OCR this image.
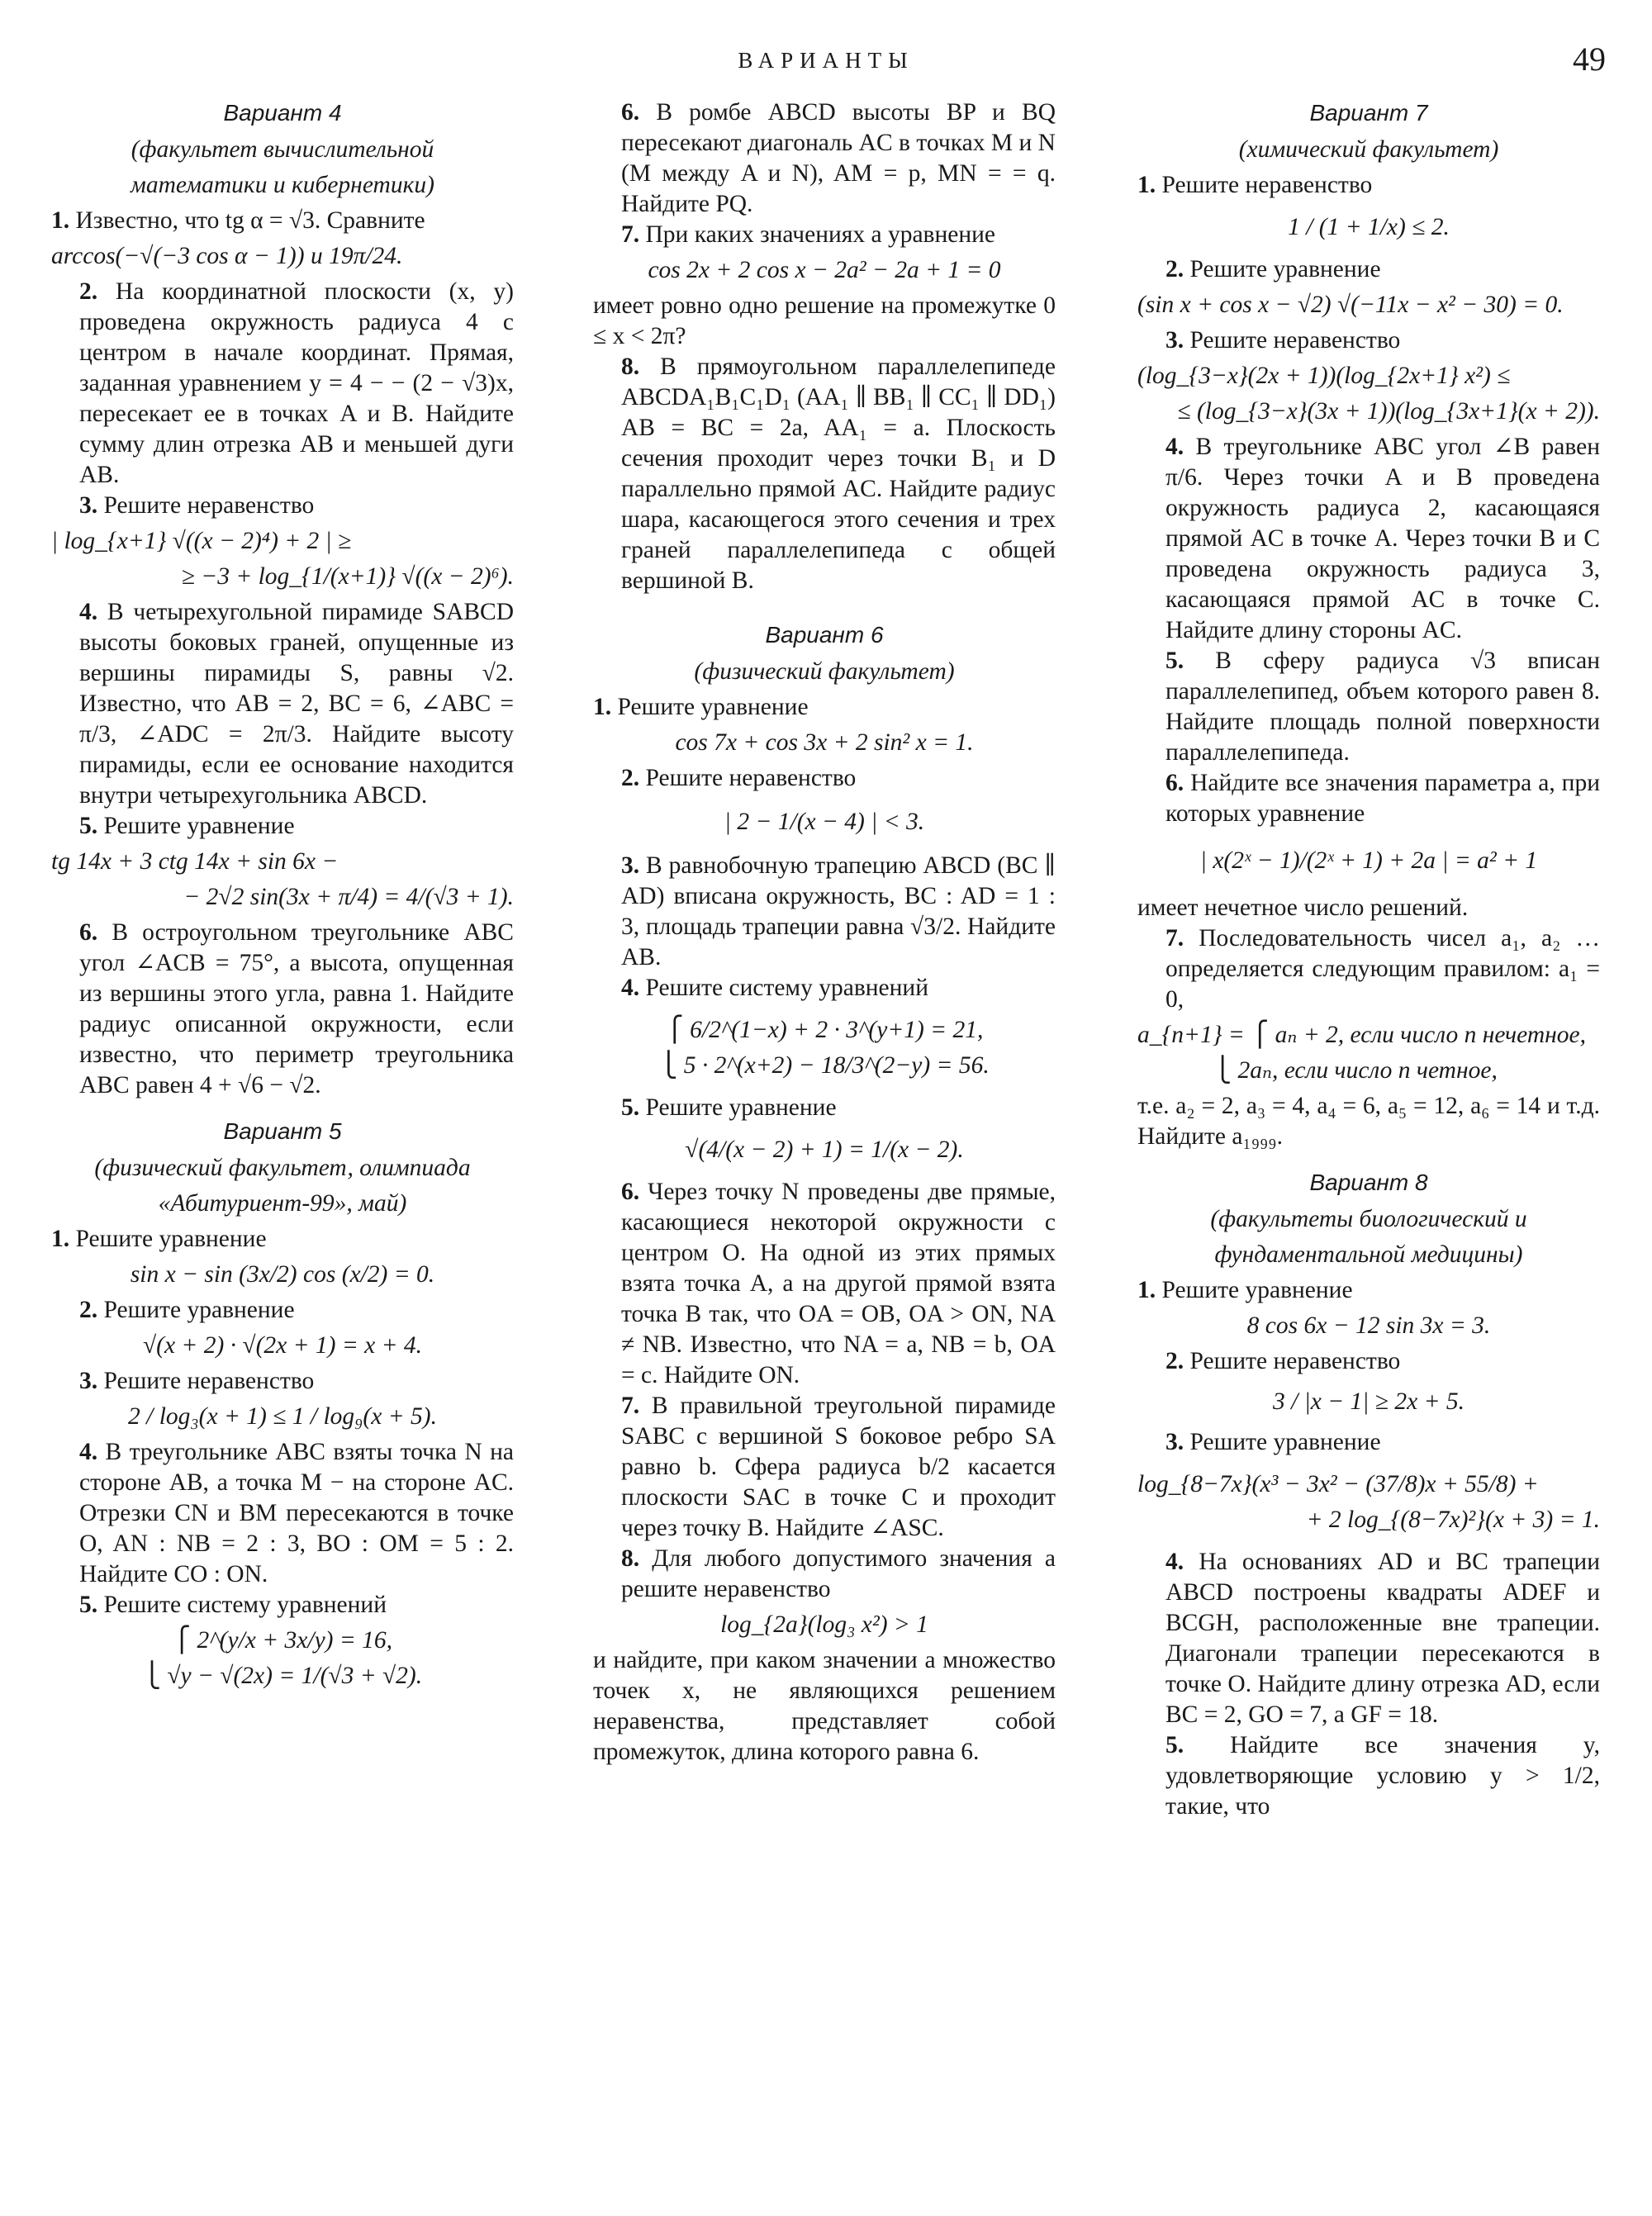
ВАРИАНТЫ	49
Вариант 4
(факультет вычислительной
математики и кибернетики)

1. Известно, что tg α = √3. Сравните

arccos(−√(−3 cos α − 1)) и 19π/24.

2. На координатной плоскости (x, y) проведена окружность радиуса 4 с центром в начале координат. Прямая, заданная уравнением y = 4 − − (2 − √3)x, пересекает ее в точках A и B. Найдите сумму длин отрезка AB и меньшей дуги AB.

3. Решите неравенство

| log_{x+1} √((x − 2)⁴) + 2 | ≥
≥ −3 + log_{1/(x+1)} √((x − 2)⁶).

4. В четырехугольной пирамиде SABCD высоты боковых граней, опущенные из вершины пирамиды S, равны √2. Известно, что AB = 2, BC = 6, ∠ABC = π/3, ∠ADC = 2π/3. Найдите высоту пирамиды, если ее основание находится внутри четырехугольника ABCD.

5. Решите уравнение

tg 14x + 3 ctg 14x + sin 6x −
− 2√2 sin(3x + π/4) = 4/(√3 + 1).

6. В остроугольном треугольнике ABC угол ∠ACB = 75°, а высота, опущенная из вершины этого угла, равна 1. Найдите радиус описанной окружности, если известно, что периметр треугольника ABC равен 4 + √6 − √2.

Вариант 5
(физический факультет, олимпиада
«Абитуриент-99», май)

1. Решите уравнение

sin x − sin (3x/2) cos (x/2) = 0.

2. Решите уравнение

√(x + 2) · √(2x + 1) = x + 4.

3. Решите неравенство

2 / log₃(x + 1) ≤ 1 / log₉(x + 5).

4. В треугольнике ABC взяты точка N на стороне AB, а точка M − на стороне AC. Отрезки CN и BM пересекаются в точке O, AN : NB = 2 : 3, BO : OM = 5 : 2. Найдите CO : ON.

5. Решите систему уравнений

⎧ 2^(y/x + 3x/y) = 16,
⎩ √y − √(2x) = 1/(√3 + √2).

6. В ромбе ABCD высоты BP и BQ пересекают диагональ AC в точках M и N (M между A и N), AM = p, MN = = q. Найдите PQ.

7. При каких значениях a уравнение

cos 2x + 2 cos x − 2a² − 2a + 1 = 0

имеет ровно одно решение на промежутке 0 ≤ x < 2π?

8. В прямоугольном параллелепипеде ABCDA₁B₁C₁D₁ (AA₁ ∥ BB₁ ∥ CC₁ ∥ DD₁) AB = BC = 2a, AA₁ = a. Плоскость сечения проходит через точки B₁ и D параллельно прямой AC. Найдите радиус шара, касающегося этого сечения и трех граней параллелепипеда с общей вершиной B.

Вариант 6
(физический факультет)

1. Решите уравнение

cos 7x + cos 3x + 2 sin² x = 1.

2. Решите неравенство

| 2 − 1/(x − 4) | < 3.

3. В равнобочную трапецию ABCD (BC ∥ AD) вписана окружность, BC : AD = 1 : 3, площадь трапеции равна √3/2. Найдите AB.

4. Решите систему уравнений

⎧ 6/2^(1−x) + 2 · 3^(y+1) = 21,
⎩ 5 · 2^(x+2) − 18/3^(2−y) = 56.

5. Решите уравнение

√(4/(x − 2) + 1) = 1/(x − 2).

6. Через точку N проведены две прямые, касающиеся некоторой окружности с центром O. На одной из этих прямых взята точка A, а на другой прямой взята точка B так, что OA = OB, OA > ON, NA ≠ NB. Известно, что NA = a, NB = b, OA = c. Найдите ON.

7. В правильной треугольной пирамиде SABC с вершиной S боковое ребро SA равно b. Сфера радиуса b/2 касается плоскости SAC в точке C и проходит через точку B. Найдите ∠ASC.

8. Для любого допустимого значения a решите неравенство

log_{2a}(log₃ x²) > 1

и найдите, при каком значении a множество точек x, не являющихся решением неравенства, представляет собой промежуток, длина которого равна 6.

Вариант 7
(химический факультет)

1. Решите неравенство

1 / (1 + 1/x) ≤ 2.

2. Решите уравнение

(sin x + cos x − √2) √(−11x − x² − 30) = 0.

3. Решите неравенство

(log_{3−x}(2x + 1))(log_{2x+1} x²) ≤
≤ (log_{3−x}(3x + 1))(log_{3x+1}(x + 2)).

4. В треугольнике ABC угол ∠B равен π/6. Через точки A и B проведена окружность радиуса 2, касающаяся прямой AC в точке A. Через точки B и C проведена окружность радиуса 3, касающаяся прямой AC в точке C. Найдите длину стороны AC.

5. В сферу радиуса √3 вписан параллелепипед, объем которого равен 8. Найдите площадь полной поверхности параллелепипеда.

6. Найдите все значения параметра a, при которых уравнение

| x(2ˣ − 1)/(2ˣ + 1) + 2a | = a² + 1

имеет нечетное число решений.

7. Последовательность чисел a₁, a₂ … определяется следующим правилом: a₁ = 0,

a_{n+1} = ⎧ aₙ + 2, если число n нечетное,
⎩ 2aₙ, если число n четное,

т.е. a₂ = 2, a₃ = 4, a₄ = 6, a₅ = 12, a₆ = 14 и т.д. Найдите a₁₉₉₉.

Вариант 8
(факультеты биологический и
фундаментальной медицины)

1. Решите уравнение

8 cos 6x − 12 sin 3x = 3.

2. Решите неравенство

3 / |x − 1| ≥ 2x + 5.

3. Решите уравнение

log_{8−7x}(x³ − 3x² − (37/8)x + 55/8) +
+ 2 log_{(8−7x)²}(x + 3) = 1.

4. На основаниях AD и BC трапеции ABCD построены квадраты ADEF и BCGH, расположенные вне трапеции. Диагонали трапеции пересекаются в точке O. Найдите длину отрезка AD, если BC = 2, GO = 7, а GF = 18.

5. Найдите все значения y, удовлетворяющие условию y > 1/2, такие, что
